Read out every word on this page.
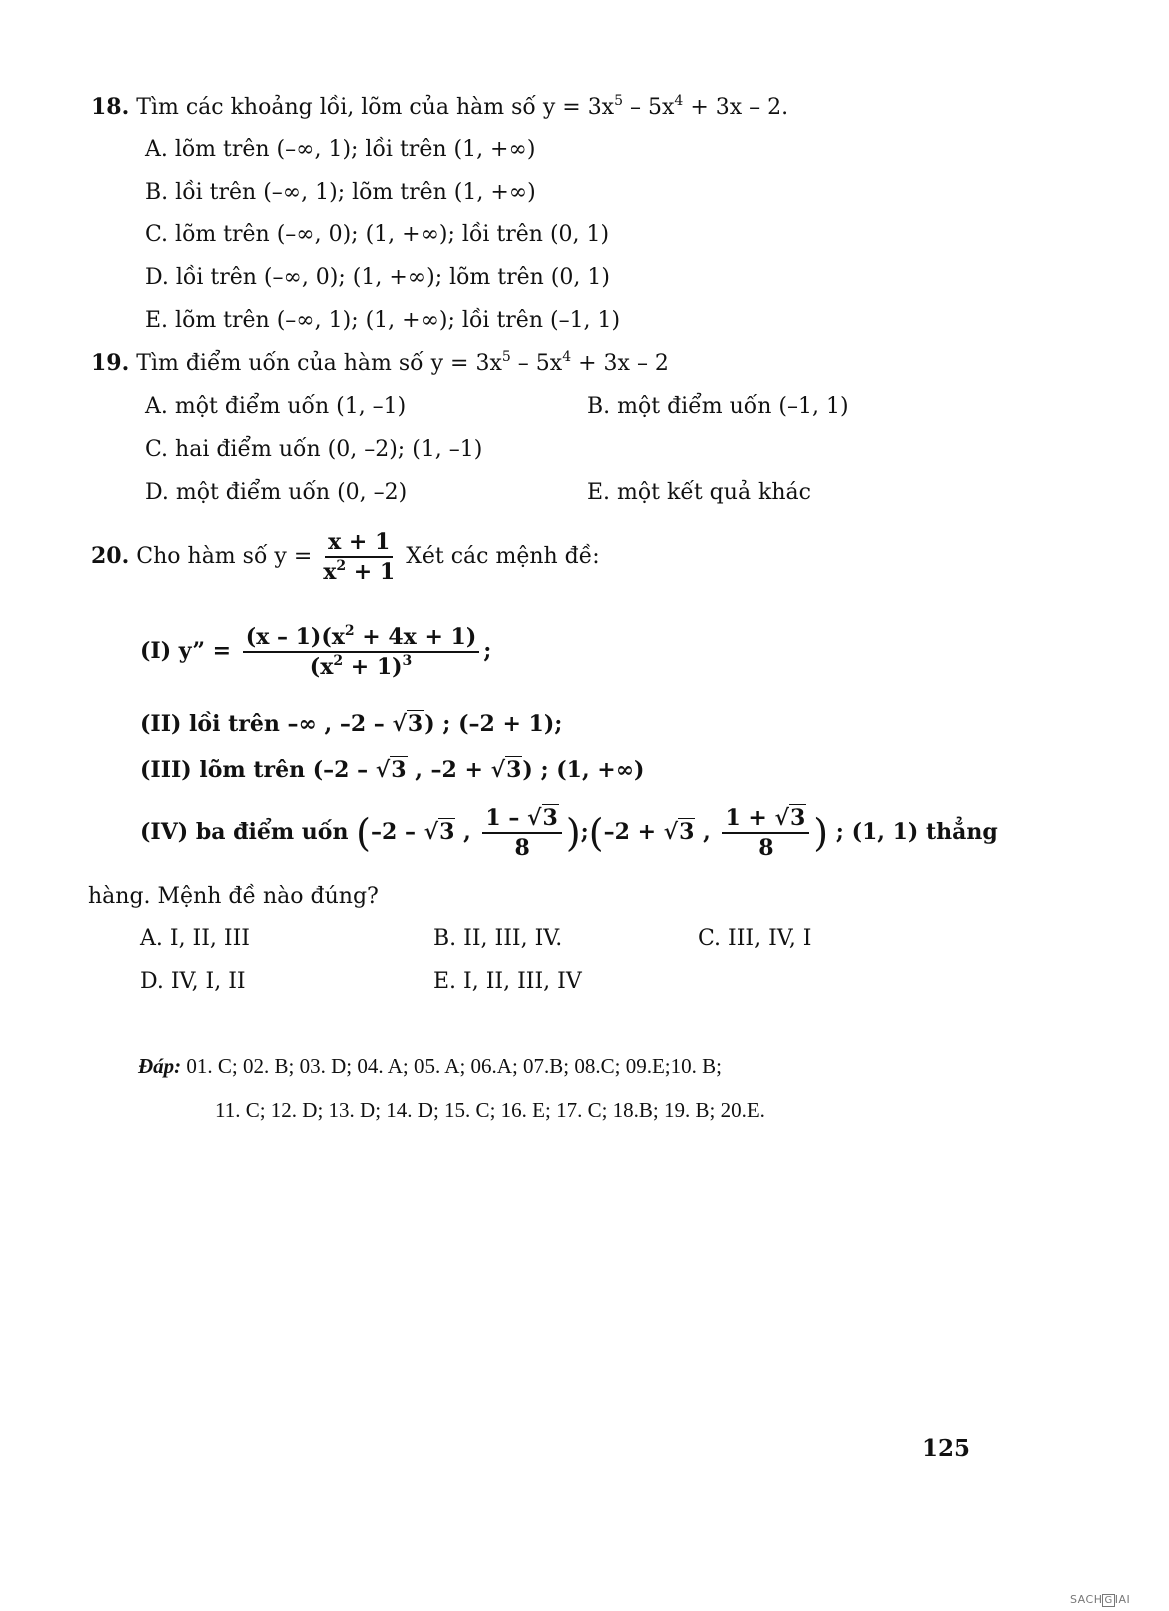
18. Tìm các khoảng lồi, lõm của hàm số $y = 3x^5 - 5x^4 + 3x - 2$.
A. lõm trên (–∞, 1); lồi trên (1, +∞)
B. lồi trên (–∞, 1); lõm trên (1, +∞)
C. lõm trên (–∞, 0); (1, +∞); lồi trên (0, 1)
D. lồi trên (–∞, 0); (1, +∞); lõm trên (0, 1)
E. lõm trên (–∞, 1); (1, +∞); lồi trên (–1, 1)
19. Tìm điểm uốn của hàm số $y = 3x^5 - 5x^4 + 3x - 2$
A. một điểm uốn (1, –1)	B. một điểm uốn (–1, 1)
C. hai điểm uốn (0, –2); (1, –1)
D. một điểm uốn (0, –2)	E. một kết quả khác
20. Cho hàm số $y = \frac{x + 1}{x^2 + 1}$ Xét các mệnh đề:
(I) y” = $\frac{(x - 1)(x^2 + 4x + 1)}{(x^2 + 1)^3}$ ;
(II) lồi trên –∞ , –2 – √3) ; (–2 + 1);
(III) lõm trên (–2 – √3 , –2 + √3) ; (1, +∞)
(IV) ba điểm uốn (–2 – √3 , $\frac{1 - √3}{8}$ );(–2 + √3 , $\frac{1 + √3}{8}$ ) ; (1, 1) thẳng
hàng. Mệnh đề nào đúng?
A. I, II, III	B. II, III, IV.	C. III, IV, I
D. IV, I, II	E. I, II, III, IV
Đáp: 01. C; 02. B; 03. D; 04. A; 05. A; 06.A; 07.B; 08.C; 09.E;10. B;
11. C; 12. D; 13. D; 14. D; 15. C; 16. E; 17. C; 18.B; 19. B; 20.E.
125
SACH G IAI
